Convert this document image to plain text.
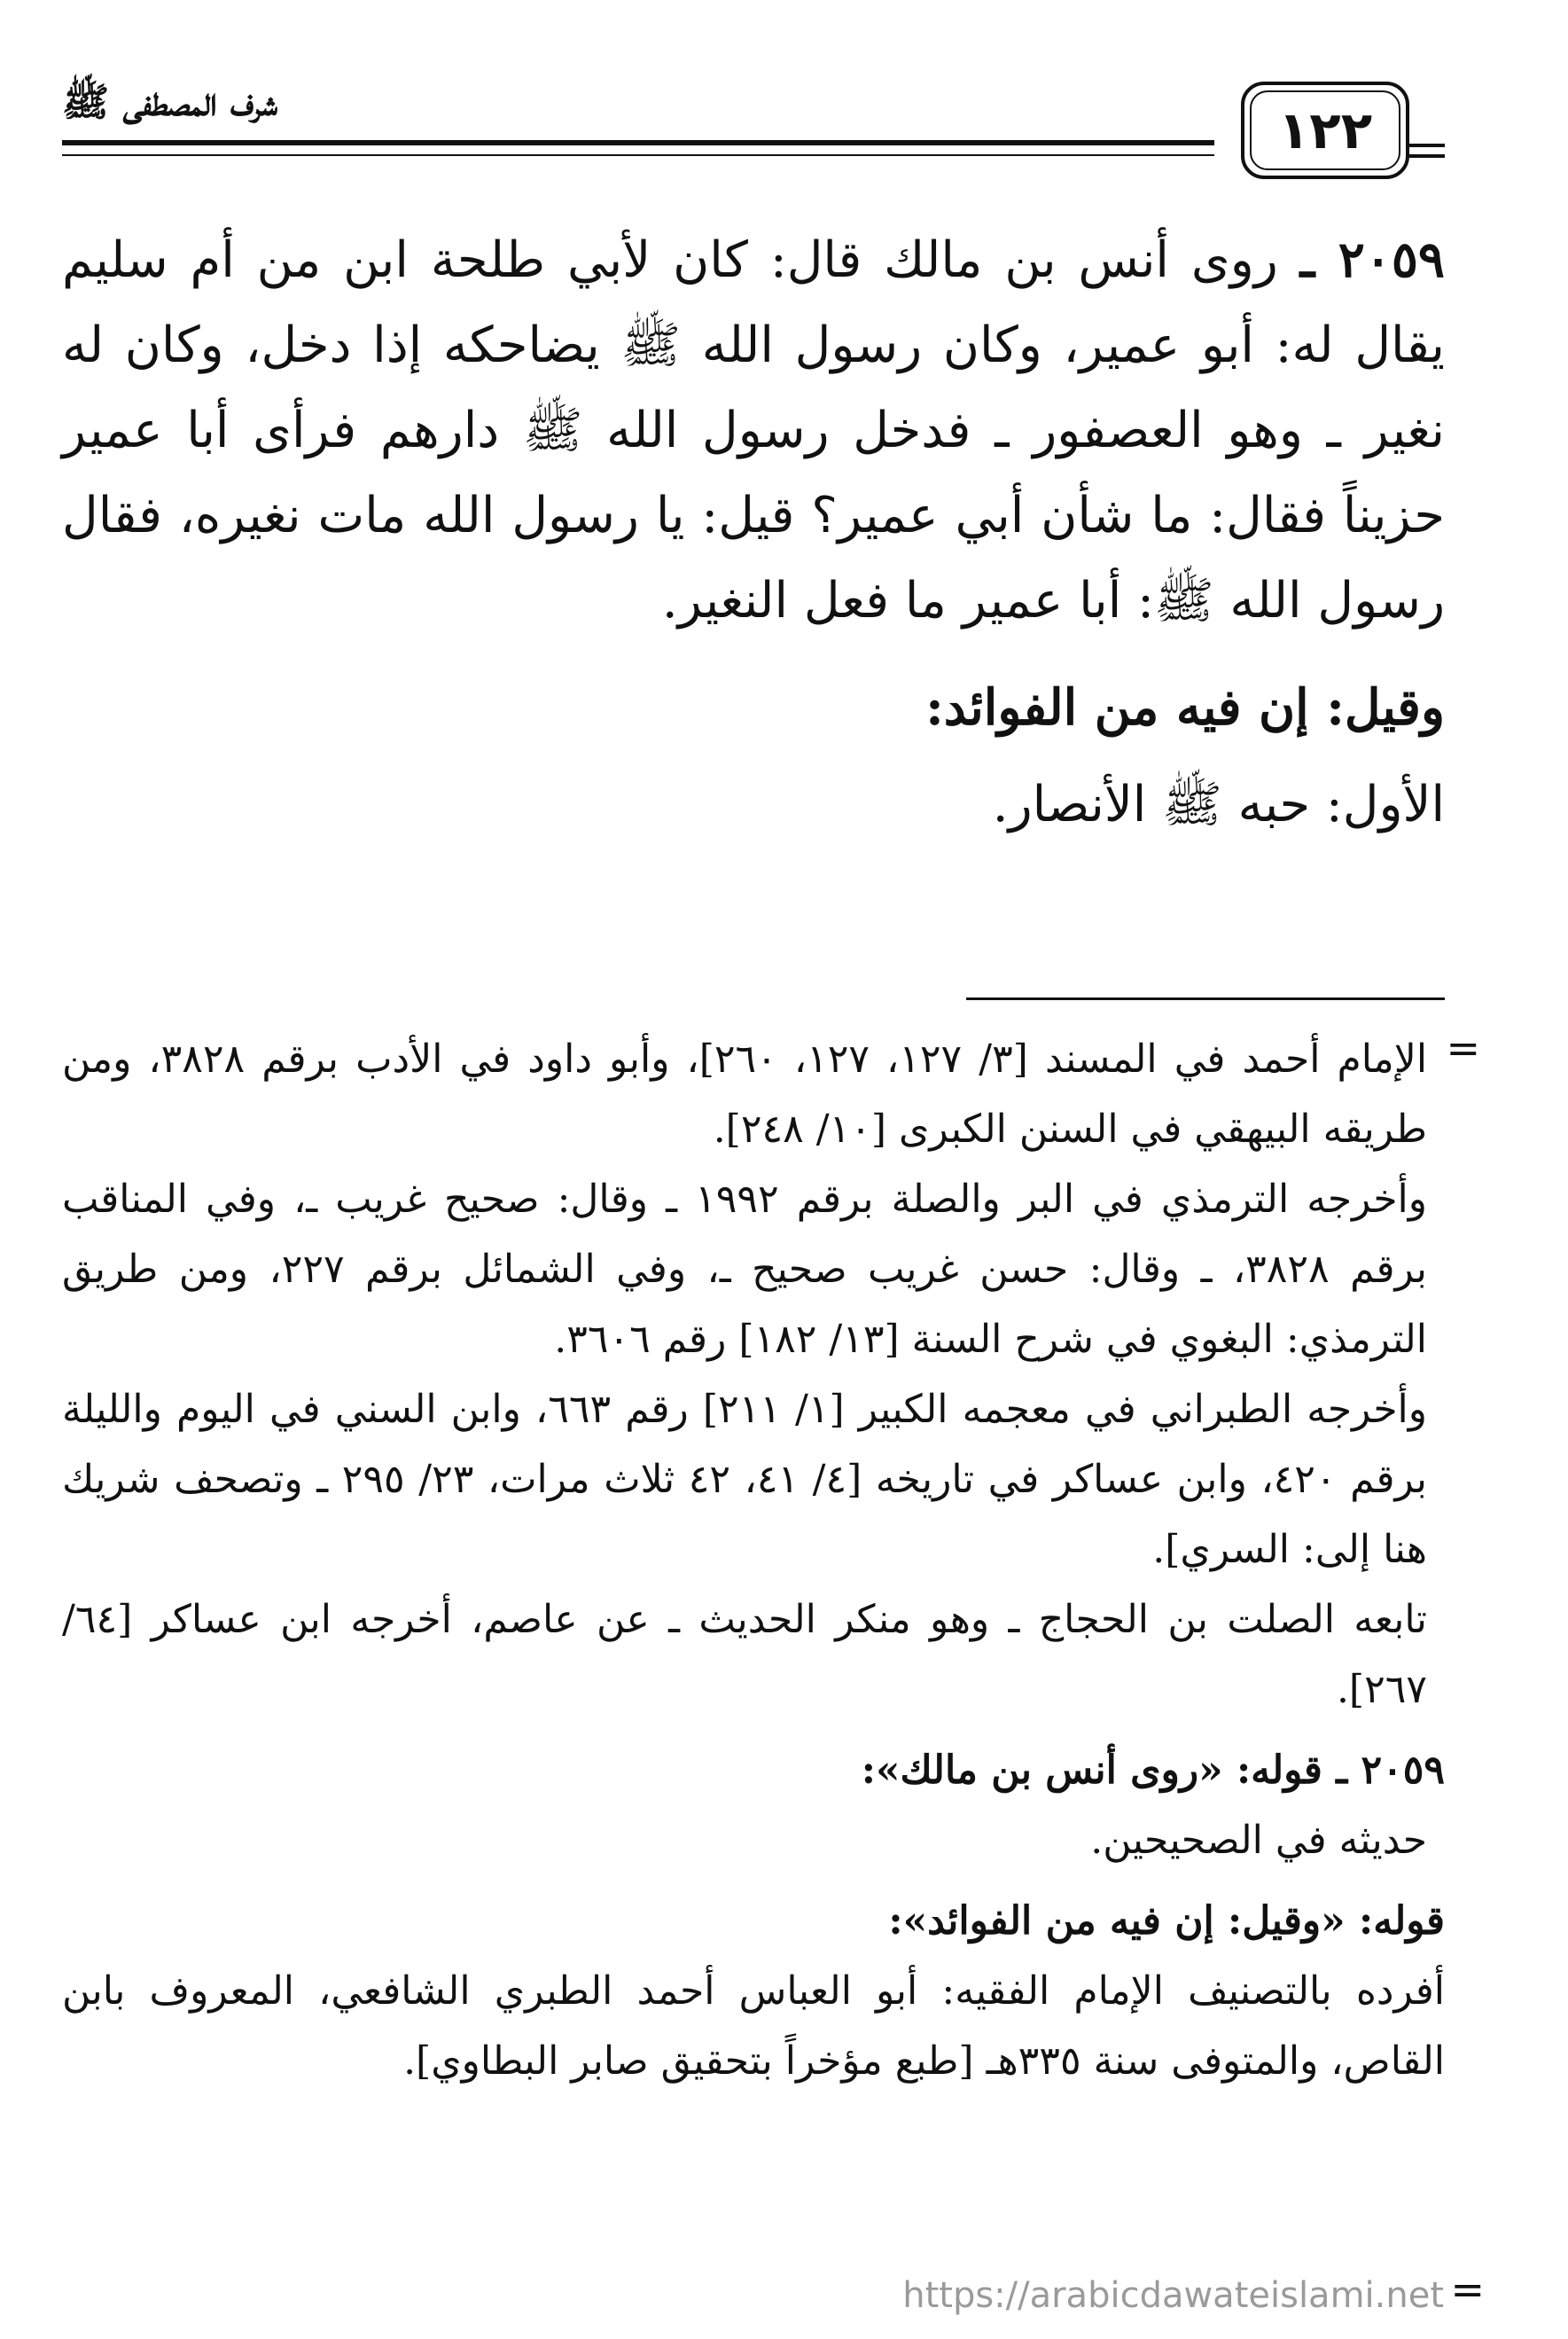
شرف المصطفى ﷺ	١٢٢

٢٠٥٩ ـ روى أنس بن مالك قال: كان لأبي طلحة ابن من أم سليم يقال له: أبو عمير، وكان رسول الله ﷺ يضاحكه إذا دخل، وكان له نغير ـ وهو العصفور ـ فدخل رسول الله ﷺ دارهم فرأى أبا عمير حزيناً فقال: ما شأن أبي عمير؟ قيل: يا رسول الله مات نغيره، فقال رسول الله ﷺ: أبا عمير ما فعل النغير.

وقيل: إن فيه من الفوائد:

الأول: حبه ﷺ الأنصار.

=

الإمام أحمد في المسند [٣/ ١٢٧، ١٢٧، ٢٦٠]، وأبو داود في الأدب برقم ٣٨٢٨، ومن طريقه البيهقي في السنن الكبرى [١٠/ ٢٤٨].

وأخرجه الترمذي في البر والصلة برقم ١٩٩٢ ـ وقال: صحيح غريب ـ، وفي المناقب برقم ٣٨٢٨، ـ وقال: حسن غريب صحيح ـ، وفي الشمائل برقم ٢٢٧، ومن طريق الترمذي: البغوي في شرح السنة [١٣/ ١٨٢] رقم ٣٦٠٦.

وأخرجه الطبراني في معجمه الكبير [١/ ٢١١] رقم ٦٦٣، وابن السني في اليوم والليلة برقم ٤٢٠، وابن عساكر في تاريخه [٤/ ٤١، ٤٢ ثلاث مرات، ٢٣/ ٢٩٥ ـ وتصحف شريك هنا إلى: السري].

تابعه الصلت بن الحجاج ـ وهو منكر الحديث ـ عن عاصم، أخرجه ابن عساكر [٦٤/ ٢٦٧].

٢٠٥٩ ـ قوله: «روى أنس بن مالك»:

حديثه في الصحيحين.

قوله: «وقيل: إن فيه من الفوائد»:

أفرده بالتصنيف الإمام الفقيه: أبو العباس أحمد الطبري الشافعي، المعروف بابن القاص، والمتوفى سنة ٣٣٥هـ [طبع مؤخراً بتحقيق صابر البطاوي].

=
https://arabicdawateislami.net
